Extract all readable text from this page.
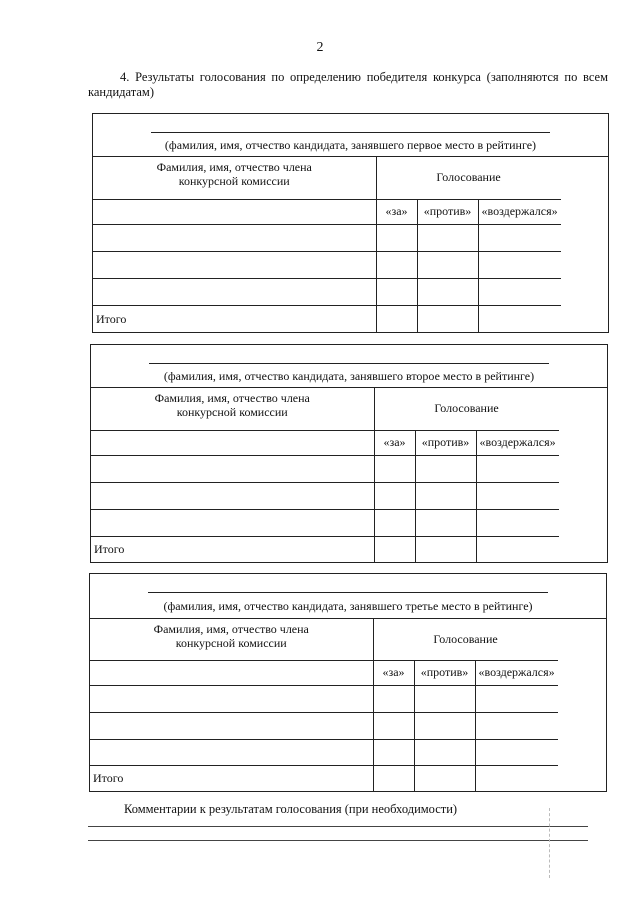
2
4. Результаты голосования по определению победителя конкурса (заполняются по всем кандидатам)
(фамилия, имя, отчество кандидата, занявшего первое место в рейтинге)
Фамилия, имя, отчество члена
конкурсной комиссии	Голосование		
	«за»	«против»	«воздержался»

Итого			
(фамилия, имя, отчество кандидата, занявшего второе место в рейтинге)
Фамилия, имя, отчество члена
конкурсной комиссии	Голосование		
	«за»	«против»	«воздержался»

Итого			
(фамилия, имя, отчество кандидата, занявшего третье место в рейтинге)
Фамилия, имя, отчество члена
конкурсной комиссии	Голосование		
	«за»	«против»	«воздержался»

Итого			
Комментарии к результатам голосования (при необходимости)
